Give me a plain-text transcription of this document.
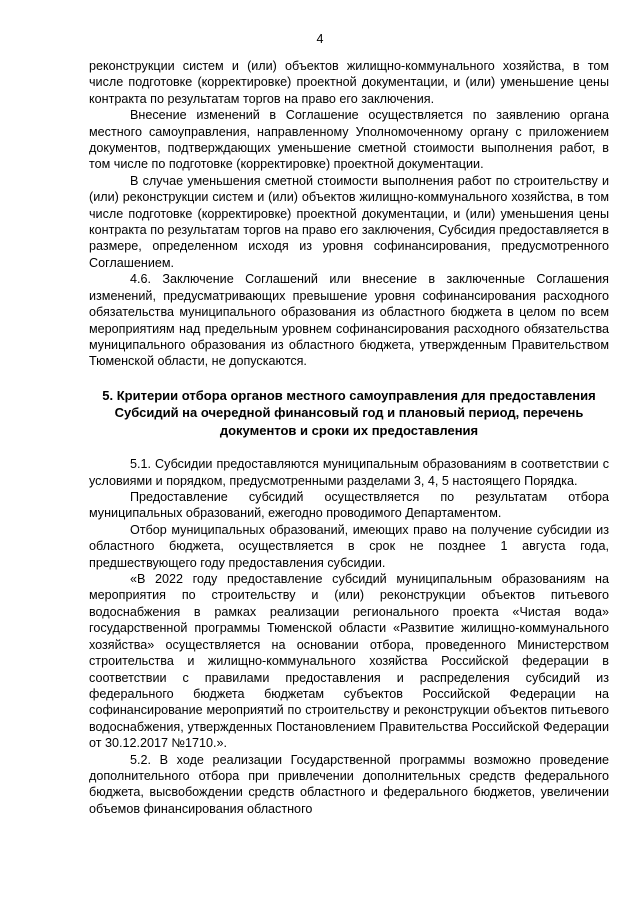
4

реконструкции систем и (или) объектов жилищно-коммунального хозяйства, в том числе подготовке (корректировке) проектной документации, и (или) уменьшение цены контракта по результатам торгов на право его заключения.

Внесение изменений в Соглашение осуществляется по заявлению органа местного самоуправления, направленному Уполномоченному органу с приложением документов, подтверждающих уменьшение сметной стоимости выполнения работ, в том числе по подготовке (корректировке) проектной документации.

В случае уменьшения сметной стоимости выполнения работ по строительству и (или) реконструкции систем и (или) объектов жилищно-коммунального хозяйства, в том числе подготовке (корректировке) проектной документации, и (или) уменьшения цены контракта по результатам торгов на право его заключения, Субсидия предоставляется в размере, определенном исходя из уровня софинансирования, предусмотренного Соглашением.

4.6. Заключение Соглашений или внесение в заключенные Соглашения изменений, предусматривающих превышение уровня софинансирования расходного обязательства муниципального образования из областного бюджета в целом по всем мероприятиям над предельным уровнем софинансирования расходного обязательства муниципального образования из областного бюджета, утвержденным Правительством Тюменской области, не допускаются.

5. Критерии отбора органов местного самоуправления для предоставления Субсидий на очередной финансовый год и плановый период, перечень документов и сроки их предоставления

5.1. Субсидии предоставляются муниципальным образованиям в соответствии с условиями и порядком, предусмотренными разделами 3, 4, 5 настоящего Порядка.

Предоставление субсидий осуществляется по результатам отбора муниципальных образований, ежегодно проводимого Департаментом.

Отбор муниципальных образований, имеющих право на получение субсидии из областного бюджета, осуществляется в срок не позднее 1 августа года, предшествующего году предоставления субсидии.

«В 2022 году предоставление субсидий муниципальным образованиям на мероприятия по строительству и (или) реконструкции объектов питьевого водоснабжения в рамках реализации регионального проекта «Чистая вода» государственной программы Тюменской области «Развитие жилищно-коммунального хозяйства» осуществляется на основании отбора, проведенного Министерством строительства и жилищно-коммунального хозяйства Российской федерации в соответствии с правилами предоставления и распределения субсидий из федерального бюджета бюджетам субъектов Российской Федерации на софинансирование мероприятий по строительству и реконструкции объектов питьевого водоснабжения, утвержденных Постановлением Правительства Российской Федерации от 30.12.2017 №1710.».

5.2. В ходе реализации Государственной программы возможно проведение дополнительного отбора при привлечении дополнительных средств федерального бюджета, высвобождении средств областного и федерального бюджетов, увеличении объемов финансирования областного
